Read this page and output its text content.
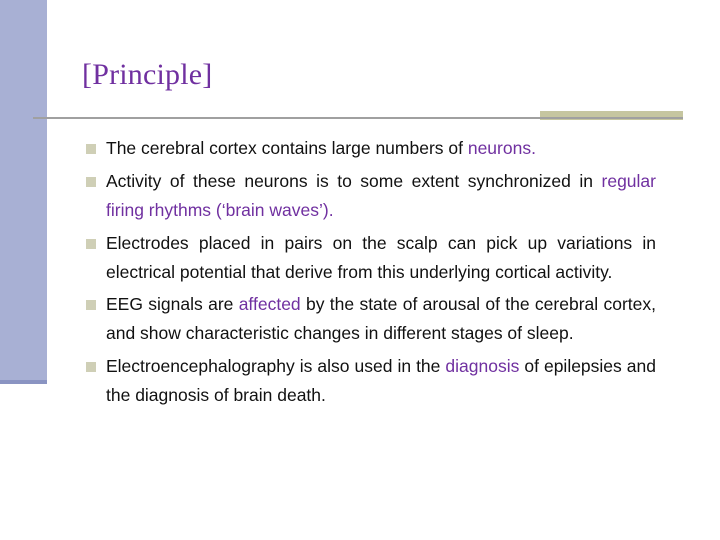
[Principle]
The cerebral cortex contains large numbers of neurons.
Activity of these neurons is to some extent synchronized in regular firing rhythms (‘brain waves’).
Electrodes placed in pairs on the scalp can pick up variations in electrical potential that derive from this underlying cortical activity.
EEG signals are affected by the state of arousal of the cerebral cortex, and show characteristic changes in different stages of sleep.
Electroencephalography is also used in the diagnosis of epilepsies and the diagnosis of brain death.
